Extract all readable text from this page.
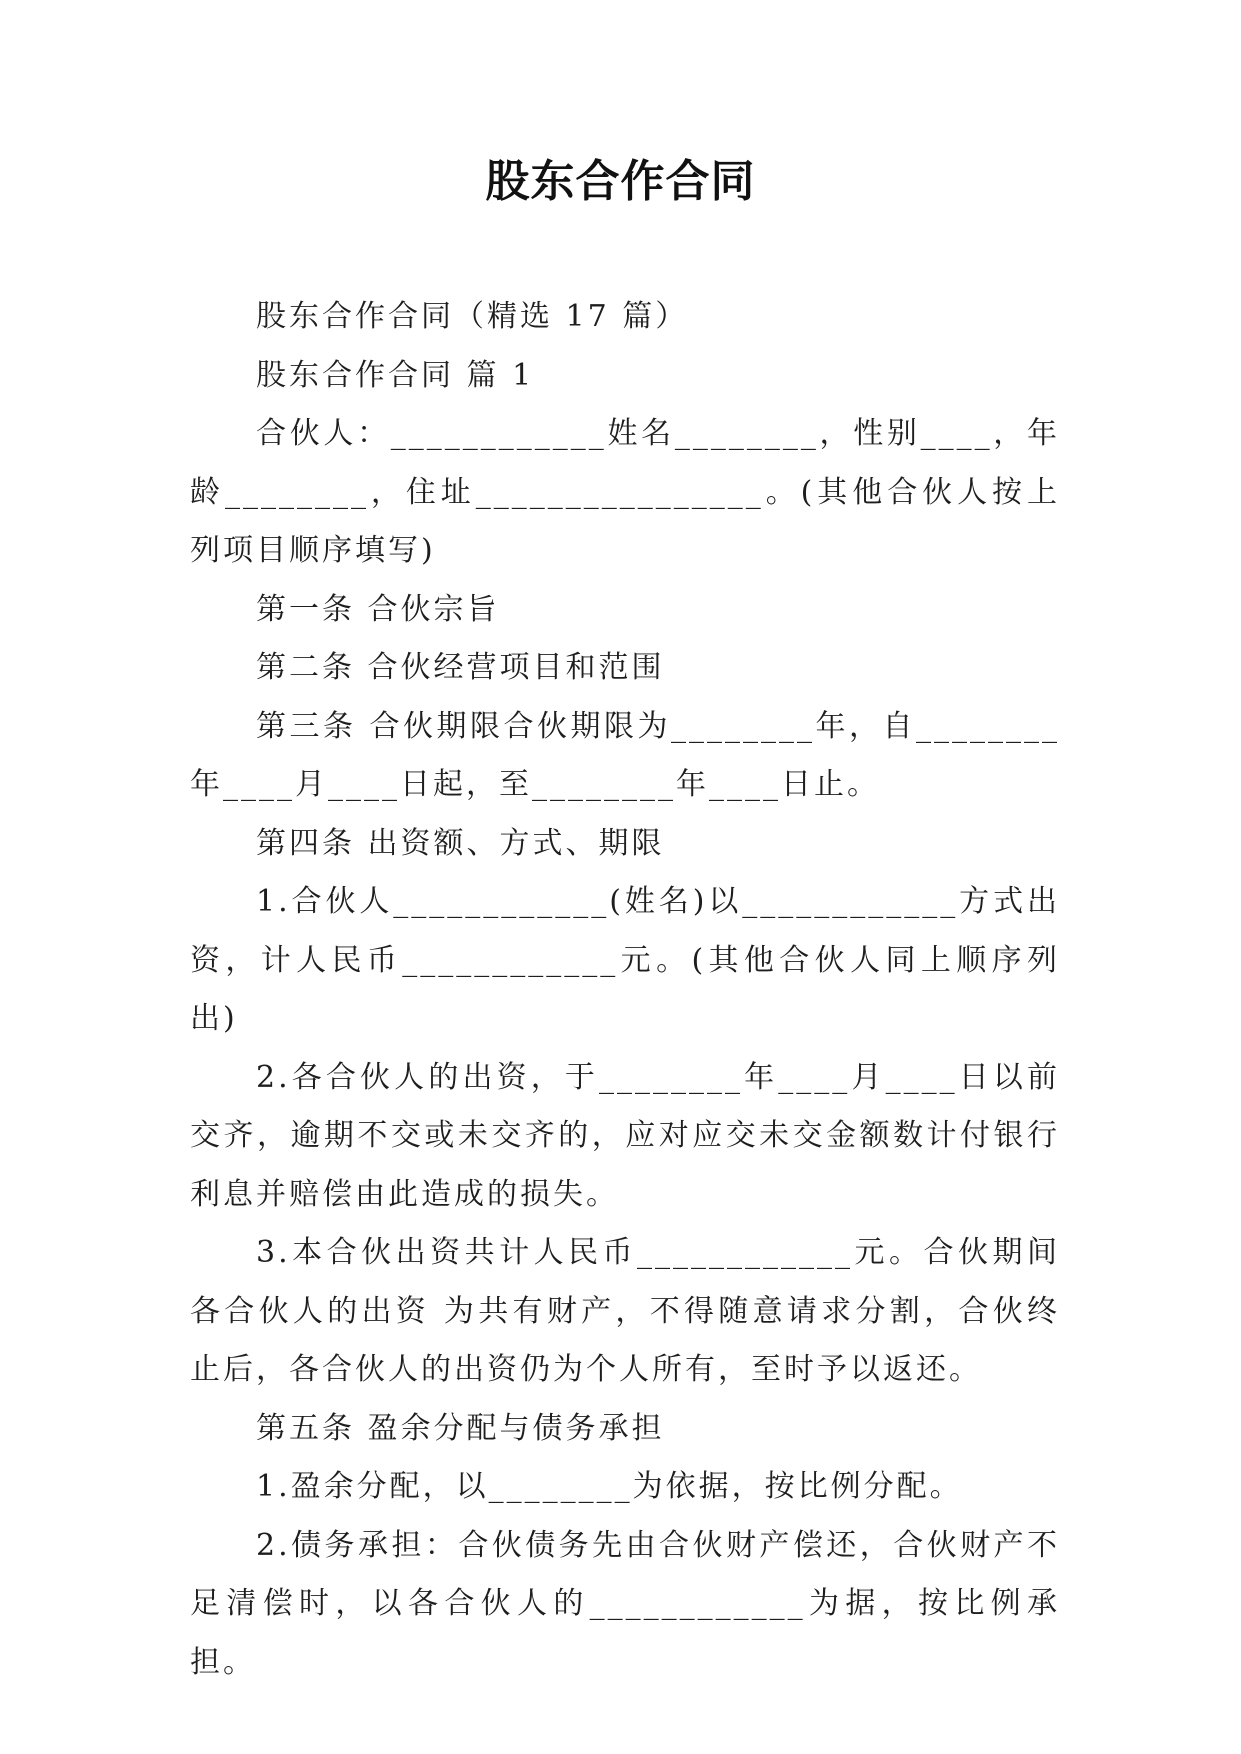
股东合作合同

股东合作合同（精选 17 篇）

股东合作合同 篇 1

合伙人：____________姓名________，性别____，年龄________，住址________________。(其他合伙人按上列项目顺序填写)

第一条 合伙宗旨

第二条 合伙经营项目和范围

第三条 合伙期限合伙期限为________年，自________年____月____日起，至________年____日止。

第四条 出资额、方式、期限

1.合伙人____________(姓名)以____________方式出资，计人民币____________元。(其他合伙人同上顺序列出)

2.各合伙人的出资，于________年____月____日以前交齐，逾期不交或未交齐的，应对应交未交金额数计付银行利息并赔偿由此造成的损失。

3.本合伙出资共计人民币____________元。合伙期间各合伙人的出资 为共有财产，不得随意请求分割，合伙终止后，各合伙人的出资仍为个人所有，至时予以返还。

第五条 盈余分配与债务承担

1.盈余分配，以________为依据，按比例分配。

2.债务承担：合伙债务先由合伙财产偿还，合伙财产不足清偿时，以各合伙人的____________为据，按比例承担。
